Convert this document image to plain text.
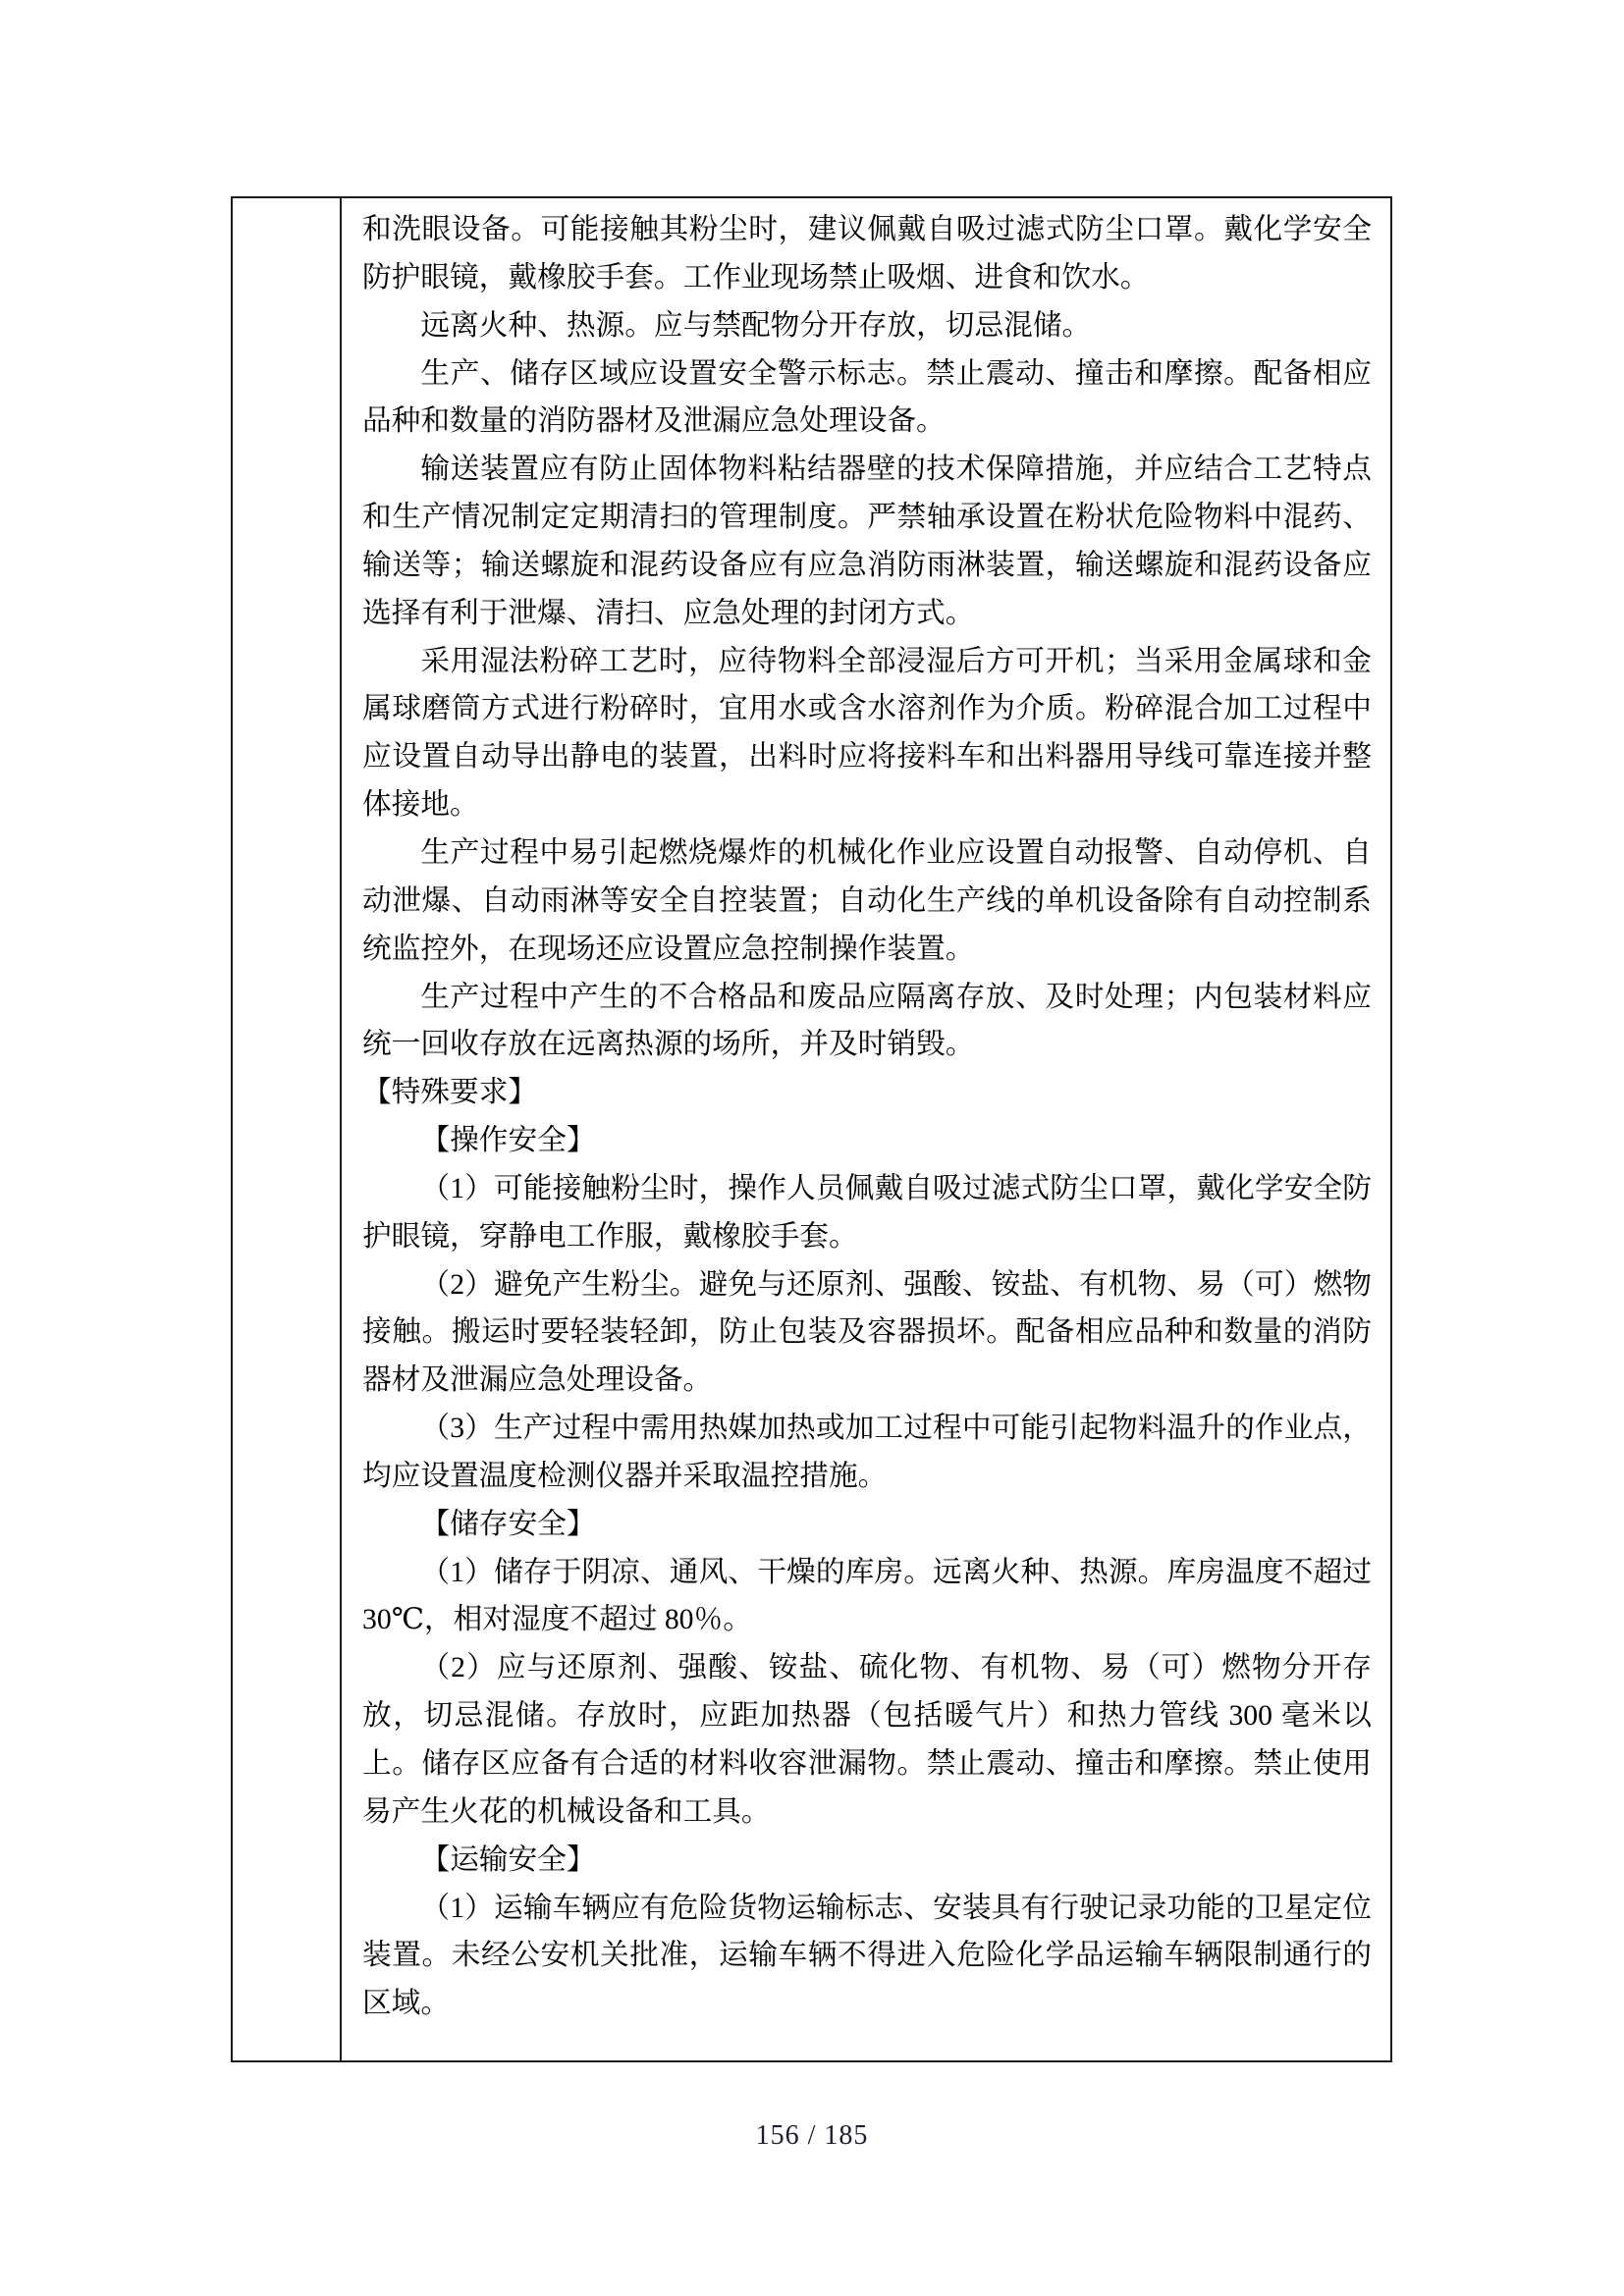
和洗眼设备。可能接触其粉尘时，建议佩戴自吸过滤式防尘口罩。戴化学安全防护眼镜，戴橡胶手套。工作业现场禁止吸烟、进食和饮水。

远离火种、热源。应与禁配物分开存放，切忌混储。

生产、储存区域应设置安全警示标志。禁止震动、撞击和摩擦。配备相应品种和数量的消防器材及泄漏应急处理设备。

输送装置应有防止固体物料粘结器壁的技术保障措施，并应结合工艺特点和生产情况制定定期清扫的管理制度。严禁轴承设置在粉状危险物料中混药、输送等；输送螺旋和混药设备应有应急消防雨淋装置，输送螺旋和混药设备应选择有利于泄爆、清扫、应急处理的封闭方式。

采用湿法粉碎工艺时，应待物料全部浸湿后方可开机；当采用金属球和金属球磨筒方式进行粉碎时，宜用水或含水溶剂作为介质。粉碎混合加工过程中应设置自动导出静电的装置，出料时应将接料车和出料器用导线可靠连接并整体接地。

生产过程中易引起燃烧爆炸的机械化作业应设置自动报警、自动停机、自动泄爆、自动雨淋等安全自控装置；自动化生产线的单机设备除有自动控制系统监控外，在现场还应设置应急控制操作装置。

生产过程中产生的不合格品和废品应隔离存放、及时处理；内包装材料应统一回收存放在远离热源的场所，并及时销毁。

【特殊要求】

【操作安全】

（1）可能接触粉尘时，操作人员佩戴自吸过滤式防尘口罩，戴化学安全防护眼镜，穿静电工作服，戴橡胶手套。

（2）避免产生粉尘。避免与还原剂、强酸、铵盐、有机物、易（可）燃物接触。搬运时要轻装轻卸，防止包装及容器损坏。配备相应品种和数量的消防器材及泄漏应急处理设备。

（3）生产过程中需用热媒加热或加工过程中可能引起物料温升的作业点，均应设置温度检测仪器并采取温控措施。

【储存安全】

（1）储存于阴凉、通风、干燥的库房。远离火种、热源。库房温度不超过 30℃，相对湿度不超过 80％。

（2）应与还原剂、强酸、铵盐、硫化物、有机物、易（可）燃物分开存放，切忌混储。存放时，应距加热器（包括暖气片）和热力管线 300 毫米以上。储存区应备有合适的材料收容泄漏物。禁止震动、撞击和摩擦。禁止使用易产生火花的机械设备和工具。

【运输安全】

（1）运输车辆应有危险货物运输标志、安装具有行驶记录功能的卫星定位装置。未经公安机关批准，运输车辆不得进入危险化学品运输车辆限制通行的区域。

156 / 185
